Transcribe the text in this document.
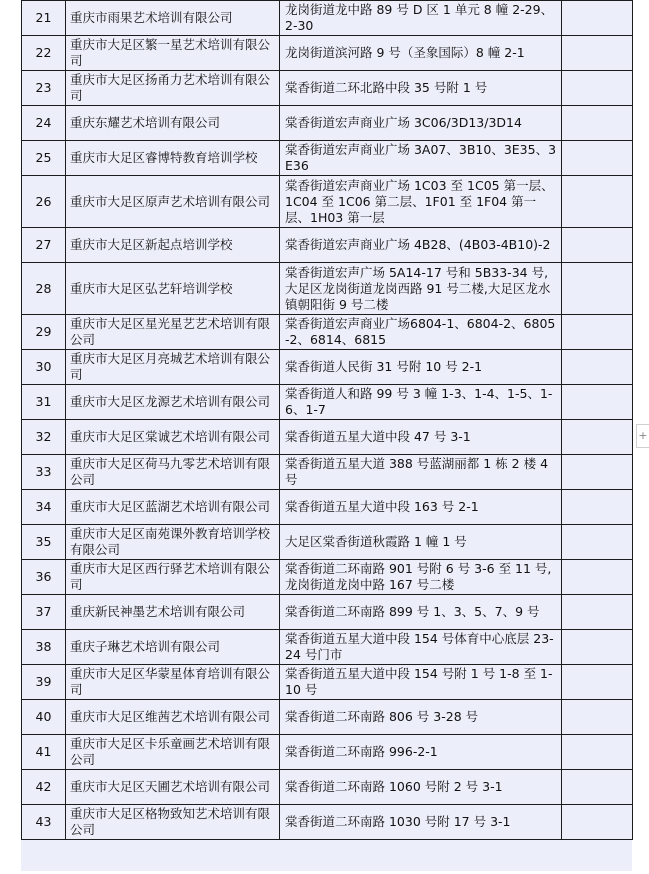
21	重庆市雨果艺术培训有限公司	龙岗街道龙中路 89 号 D 区 1 单元 8 幢 2-29、2-30	
22	重庆市大足区繁一星艺术培训有限公司	龙岗街道滨河路 9 号（圣象国际）8 幢 2-1	
23	重庆市大足区扬甬力艺术培训有限公司	棠香街道二环北路中段 35 号附 1 号	
24	重庆东耀艺术培训有限公司	棠香街道宏声商业广场 3C06/3D13/3D14	
25	重庆市大足区睿博特教育培训学校	棠香街道宏声商业广场 3A07、3B10、3E35、3E36	
26	重庆市大足区原声艺术培训有限公司	棠香街道宏声商业广场 1C03 至 1C05 第一层、1C04 至 1C06 第二层、1F01 至 1F04 第一层、1H03 第一层	
27	重庆市大足区新起点培训学校	棠香街道宏声商业广场 4B28、(4B03-4B10)-2	
28	重庆市大足区弘艺轩培训学校	棠香街道宏声广场 5A14-17 号和 5B33-34 号,大足区龙岗街道龙岗西路 91 号二楼,大足区龙水镇朝阳街 9 号二楼	
29	重庆市大足区星光星艺艺术培训有限公司	棠香街道宏声商业广场6804-1、6804-2、6805-2、6814、6815	
30	重庆市大足区月亮城艺术培训有限公司	棠香街道人民街 31 号附 10 号 2-1	
31	重庆市大足区龙源艺术培训有限公司	棠香街道人和路 99 号 3 幢 1-3、1-4、1-5、1-6、1-7	
32	重庆市大足区棠诚艺术培训有限公司	棠香街道五星大道中段 47 号 3-1	
33	重庆市大足区荷马九零艺术培训有限公司	棠香街道五星大道 388 号蓝湖丽都 1 栋 2 楼 4 号	
34	重庆市大足区蓝湖艺术培训有限公司	棠香街道五星大道中段 163 号 2-1	
35	重庆市大足区南苑课外教育培训学校有限公司	大足区棠香街道秋霞路 1 幢 1 号	
36	重庆市大足区西行驿艺术培训有限公司	棠香街道二环南路 901 号附 6 号 3-6 至 11 号,龙岗街道龙岗中路 167 号二楼	
37	重庆新民神墨艺术培训有限公司	棠香街道二环南路 899 号 1、3、5、7、9 号	
38	重庆子琳艺术培训有限公司	棠香街道五星大道中段 154 号体育中心底层 23-24 号门市	
39	重庆市大足区华蒙星体育培训有限公司	棠香街道五星大道中段 154 号附 1 号 1-8 至 1-10 号	
40	重庆市大足区维茜艺术培训有限公司	棠香街道二环南路 806 号 3-28 号	
41	重庆市大足区卡乐童画艺术培训有限公司	棠香街道二环南路 996-2-1	
42	重庆市大足区天圃艺术培训有限公司	棠香街道二环南路 1060 号附 2 号 3-1	
43	重庆市大足区格物致知艺术培训有限公司	棠香街道二环南路 1030 号附 17 号 3-1	
+
